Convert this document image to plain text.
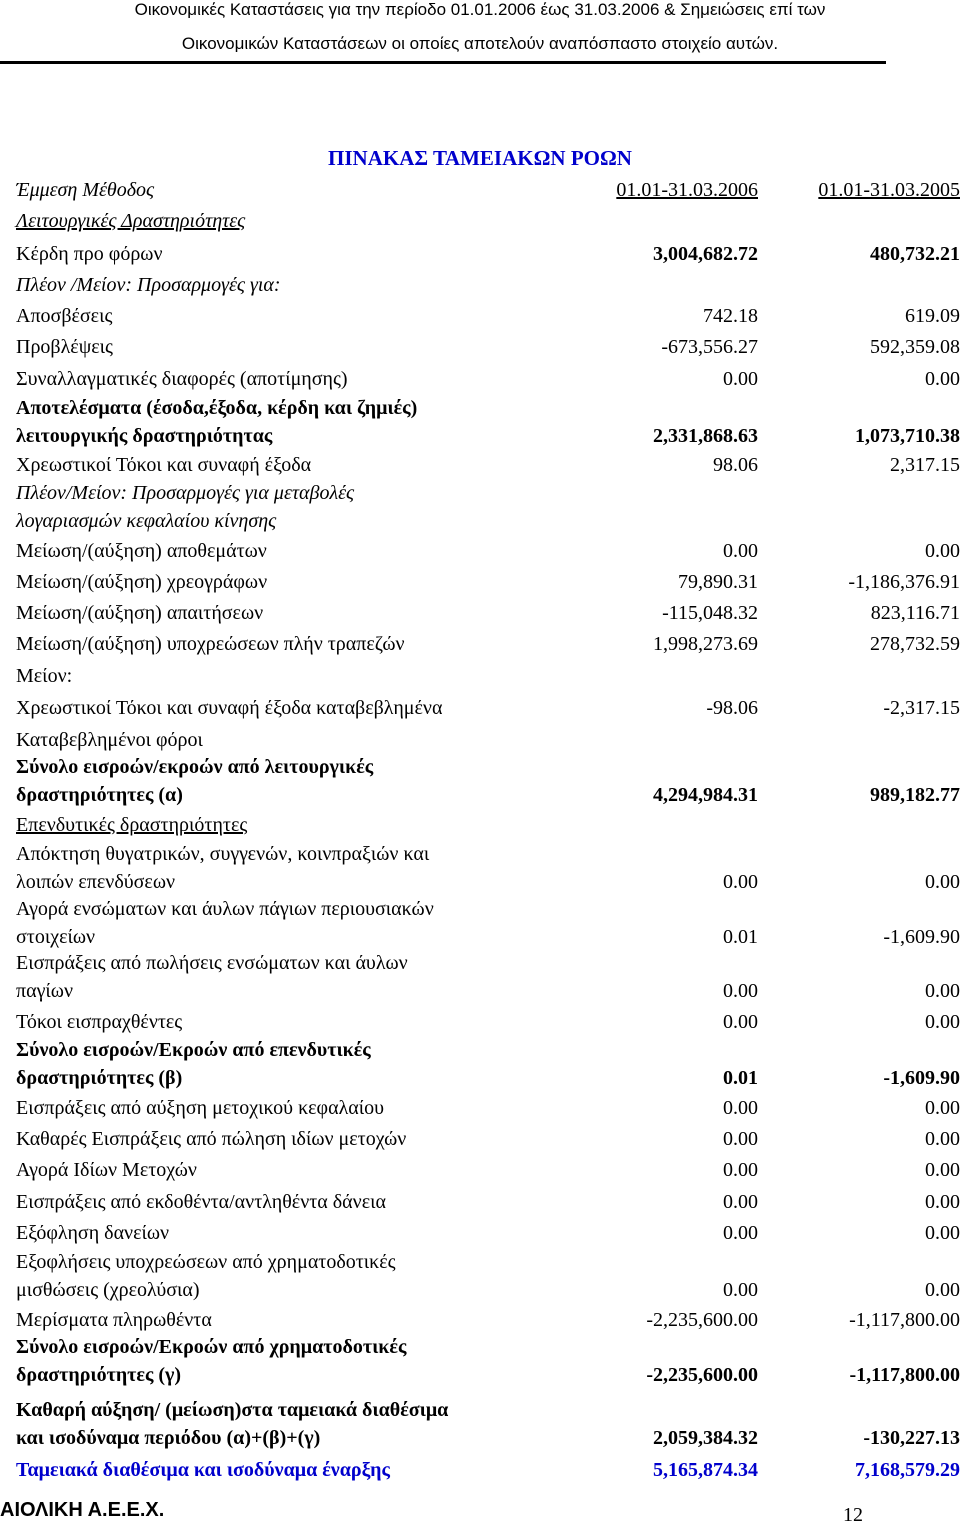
Οικονομικές Καταστάσεις για την περίοδο 01.01.2006 έως 31.03.2006 & Σημειώσεις επί των
Οικονομικών Καταστάσεων οι οποίες αποτελούν αναπόσπαστο στοιχείο αυτών.
ΠΙΝΑΚΑΣ ΤΑΜΕΙΑΚΩΝ ΡΟΩΝ
Έμμεση Μέθοδος	01.01-31.03.2006	01.01-31.03.2005
Λειτουργικές Δραστηριότητες
Κέρδη προ φόρων	3,004,682.72	480,732.21
Πλέον /Μείον: Προσαρμογές για:
Αποσβέσεις	742.18	619.09
Προβλέψεις	-673,556.27	592,359.08
Συναλλαγματικές διαφορές (αποτίμησης)	0.00	0.00
Αποτελέσματα (έσοδα,έξοδα, κέρδη και ζημιές)
λειτουργικής δραστηριότητας	2,331,868.63	1,073,710.38
Χρεωστικοί Τόκοι και συναφή έξοδα	98.06	2,317.15
Πλέον/Μείον: Προσαρμογές για μεταβολές
λογαριασμών κεφαλαίου κίνησης
Μείωση/(αύξηση) αποθεμάτων	0.00	0.00
Μείωση/(αύξηση) χρεογράφων	79,890.31	-1,186,376.91
Μείωση/(αύξηση) απαιτήσεων	-115,048.32	823,116.71
Μείωση/(αύξηση) υποχρεώσεων πλήν τραπεζών	1,998,273.69	278,732.59
Μείον:
Χρεωστικοί Τόκοι και συναφή έξοδα καταβεβλημένα	-98.06	-2,317.15
Καταβεβλημένοι φόροι
Σύνολο εισροών/εκροών από λειτουργικές
δραστηριότητες (α)	4,294,984.31	989,182.77
Επενδυτικές δραστηριότητες
Απόκτηση θυγατρικών, συγγενών, κοινπραξιών και
λοιπών επενδύσεων	0.00	0.00
Αγορά ενσώματων και άυλων πάγιων περιουσιακών
στοιχείων	0.01	-1,609.90
Εισπράξεις από πωλήσεις ενσώματων και άυλων
παγίων	0.00	0.00
Τόκοι εισπραχθέντες	0.00	0.00
Σύνολο εισροών/Εκροών από επενδυτικές
δραστηριότητες (β)	0.01	-1,609.90
Εισπράξεις από αύξηση μετοχικού κεφαλαίου	0.00	0.00
Καθαρές Εισπράξεις από πώληση ιδίων μετοχών	0.00	0.00
Αγορά Ιδίων Μετοχών	0.00	0.00
Εισπράξεις από εκδοθέντα/αντληθέντα δάνεια	0.00	0.00
Εξόφληση δανείων	0.00	0.00
Εξοφλήσεις υποχρεώσεων από χρηματοδοτικές
μισθώσεις (χρεολύσια)	0.00	0.00
Μερίσματα πληρωθέντα	-2,235,600.00	-1,117,800.00
Σύνολο εισροών/Εκροών από χρηματοδοτικές
δραστηριότητες (γ)	-2,235,600.00	-1,117,800.00
Καθαρή αύξηση/ (μείωση)στα ταμειακά διαθέσιμα
και ισοδύναμα περιόδου (α)+(β)+(γ)	2,059,384.32	-130,227.13
Ταμειακά διαθέσιμα και ισοδύναμα έναρξης	5,165,874.34	7,168,579.29
ΑΙΟΛΙΚΗ Α.Ε.Ε.Χ.	12
